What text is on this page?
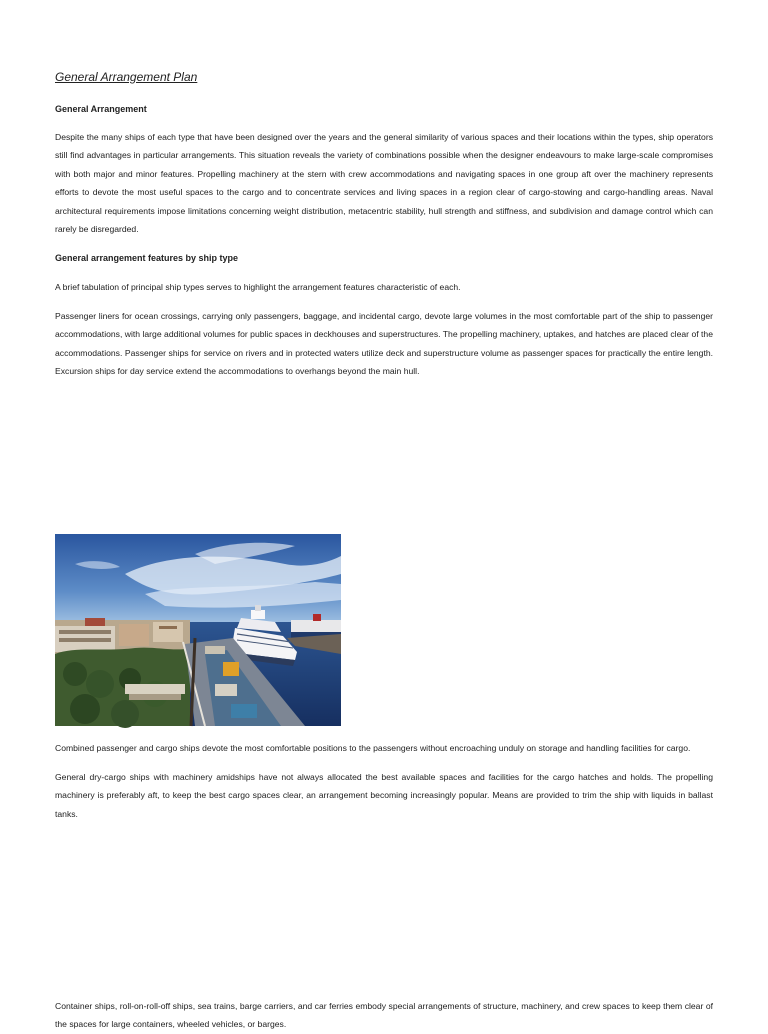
General Arrangement Plan
General Arrangement

Despite the many ships of each type that have been designed over the years and the general similarity of various spaces and their locations within the types, ship operators still find advantages in particular arrangements. This situation reveals the variety of combinations possible when the designer endeavours to make large-scale compromises with both major and minor features. Propelling machinery at the stern with crew accommodations and navigating spaces in one group aft over the machinery represents efforts to devote the most useful spaces to the cargo and to concentrate services and living spaces in a region clear of cargo-stowing and cargo-handling areas. Naval architectural requirements impose limitations concerning weight distribution, metacentric stability, hull strength and stiffness, and subdivision and damage control which can rarely be disregarded.

General arrangement features by ship type

A brief tabulation of principal ship types serves to highlight the arrangement features characteristic of each.

Passenger liners for ocean crossings, carrying only passengers, baggage, and incidental cargo, devote large volumes in the most comfortable part of the ship to passenger accommodations, with large additional volumes for public spaces in deckhouses and superstructures. The propelling machinery, uptakes, and hatches are placed clear of the accommodations. Passenger ships for service on rivers and in protected waters utilize deck and superstructure volume as passenger spaces for practically the entire length. Excursion ships for day service extend the accommodations to overhangs beyond the main hull.

Combined passenger and cargo ships devote the most comfortable positions to the passengers without encroaching unduly on storage and handling facilities for cargo.

General dry-cargo ships with machinery amidships have not always allocated the best available spaces and facilities for the cargo hatches and holds. The propelling machinery is preferably aft, to keep the best cargo spaces clear, an arrangement becoming increasingly popular. Means are provided to trim the ship with liquids in ballast tanks.

Container ships, roll-on-roll-off ships, sea trains, barge carriers, and car ferries embody special arrangements of structure, machinery, and crew spaces to keep them clear of the spaces for large containers, wheeled vehicles, or barges.
